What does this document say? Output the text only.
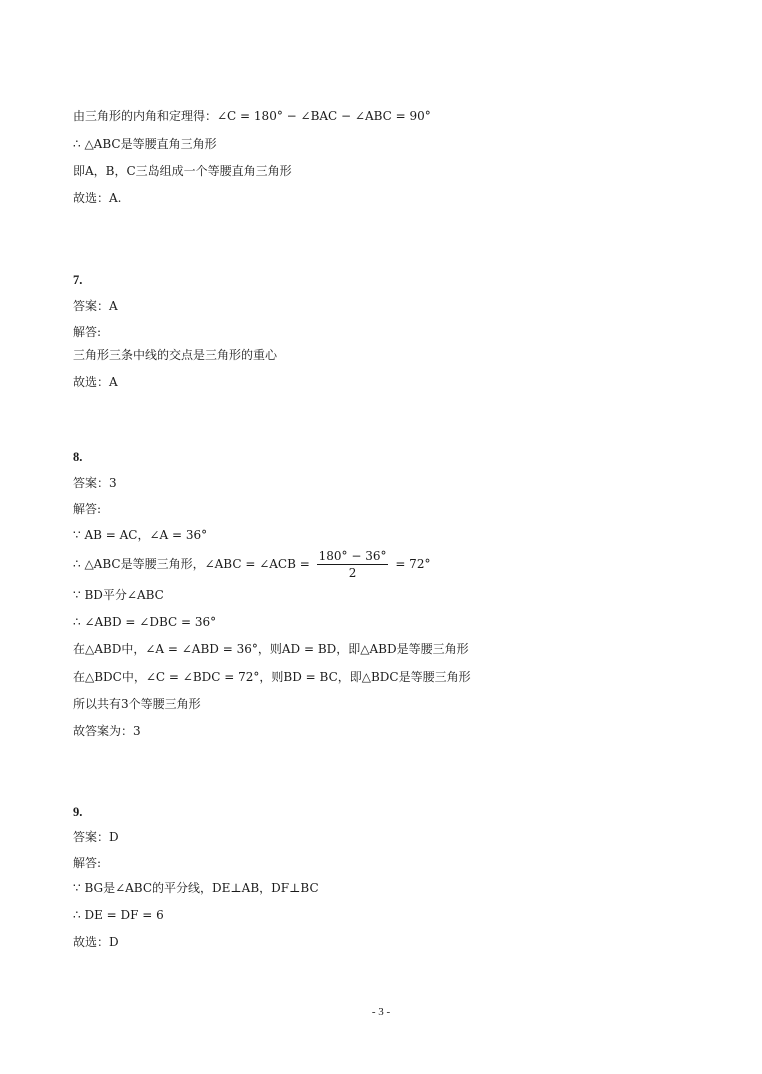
由三角形的内角和定理得：∠C = 180° − ∠BAC − ∠ABC = 90°
∴ △ABC是等腰直角三角形
即A，B，C三岛组成一个等腰直角三角形
故选：A.
7.
答案：A
解答:
三角形三条中线的交点是三角形的重心
故选：A
8.
答案：3
解答:
∵ AB = AC，∠A = 36°
∴ △ABC是等腰三角形，∠ABC = ∠ACB = $\frac{180^\circ - 36^\circ}{2} = 72^\circ$
∵ BD平分∠ABC
∴ ∠ABD = ∠DBC = 36°
在△ABD中，∠A = ∠ABD = 36°，则AD = BD，即△ABD是等腰三角形
在△BDC中，∠C = ∠BDC = 72°，则BD = BC，即△BDC是等腰三角形
所以共有3个等腰三角形
故答案为：3
9.
答案：D
解答:
∵ BG是∠ABC的平分线，DE⊥AB，DF⊥BC
∴ DE = DF = 6
故选：D
- 3 -
